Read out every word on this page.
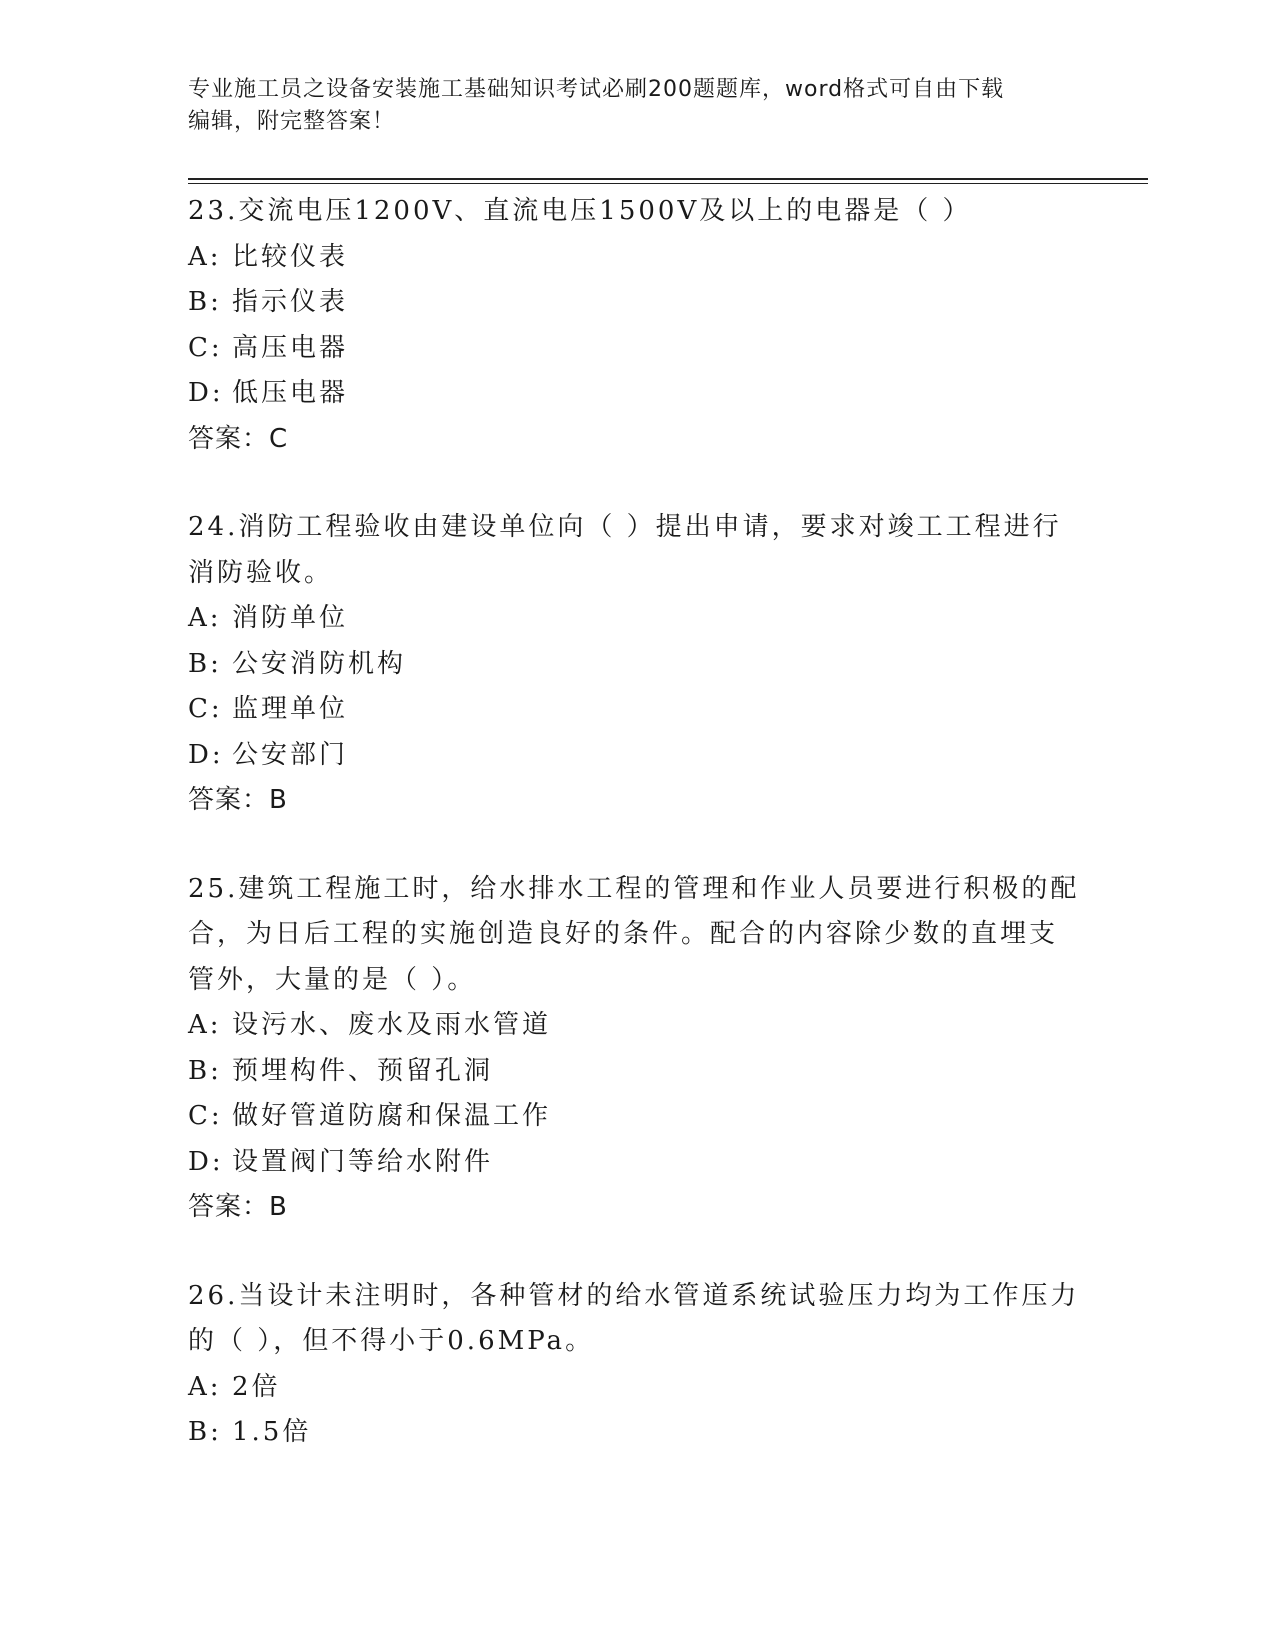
专业施工员之设备安装施工基础知识考试必刷200题题库，word格式可自由下载
编辑，附完整答案！

23.交流电压1200V、直流电压1500V及以上的电器是（ ）

A: 比较仪表
B: 指示仪表
C: 高压电器
D: 低压电器

答案：C

24.消防工程验收由建设单位向（ ）提出申请，要求对竣工工程进行

消防验收。

A: 消防单位
B: 公安消防机构
C: 监理单位
D: 公安部门

答案：B

25.建筑工程施工时，给水排水工程的管理和作业人员要进行积极的配

合，为日后工程的实施创造良好的条件。配合的内容除少数的直埋支

管外，大量的是（ ）。

A: 设污水、废水及雨水管道
B: 预埋构件、预留孔洞
C: 做好管道防腐和保温工作
D: 设置阀门等给水附件

答案：B

26.当设计未注明时，各种管材的给水管道系统试验压力均为工作压力

的（ ），但不得小于0.6MPa。

A: 2倍
B: 1.5倍
